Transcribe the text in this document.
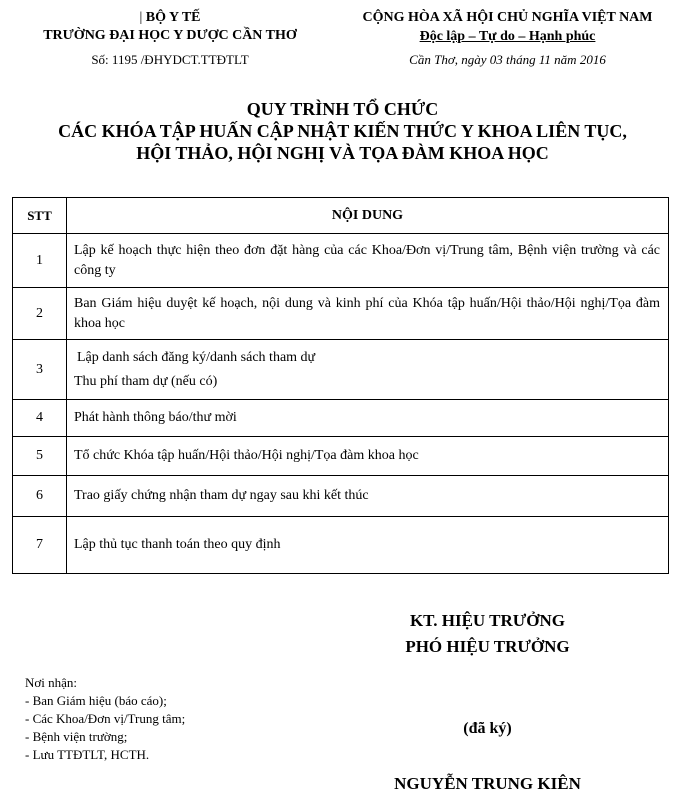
| BỘ Y TẾ
TRƯỜNG ĐẠI HỌC Y DƯỢC CẦN THƠ
Số: 1195 /ĐHYDCT.TTĐTLT
CỘNG HÒA XÃ HỘI CHỦ NGHĨA VIỆT NAM
Độc lập – Tự do – Hạnh phúc
Cần Thơ, ngày 03 tháng 11 năm 2016
QUY TRÌNH TỔ CHỨC
CÁC KHÓA TẬP HUẤN CẬP NHẬT KIẾN THỨC Y KHOA LIÊN TỤC,
HỘI THẢO, HỘI NGHỊ VÀ TỌA ĐÀM KHOA HỌC
STT	NỘI DUNG
1	Lập kế hoạch thực hiện theo đơn đặt hàng của các Khoa/Đơn vị/Trung tâm, Bệnh viện trường và các công ty
2	Ban Giám hiệu duyệt kế hoạch, nội dung và kinh phí của Khóa tập huấn/Hội thảo/Hội nghị/Tọa đàm khoa học
3	Lập danh sách đăng ký/danh sách tham dự
Thu phí tham dự (nếu có)

4	Phát hành thông báo/thư mời
5	Tổ chức Khóa tập huấn/Hội thảo/Hội nghị/Tọa đàm khoa học
6	Trao giấy chứng nhận tham dự ngay sau khi kết thúc
7	Lập thủ tục thanh toán theo quy định
Nơi nhận:
- Ban Giám hiệu (báo cáo);
- Các Khoa/Đơn vị/Trung tâm;
- Bệnh viện trường;
- Lưu TTĐTLT, HCTH.
KT. HIỆU TRƯỞNG
PHÓ HIỆU TRƯỞNG
(đã ký)
NGUYỄN TRUNG KIÊN
